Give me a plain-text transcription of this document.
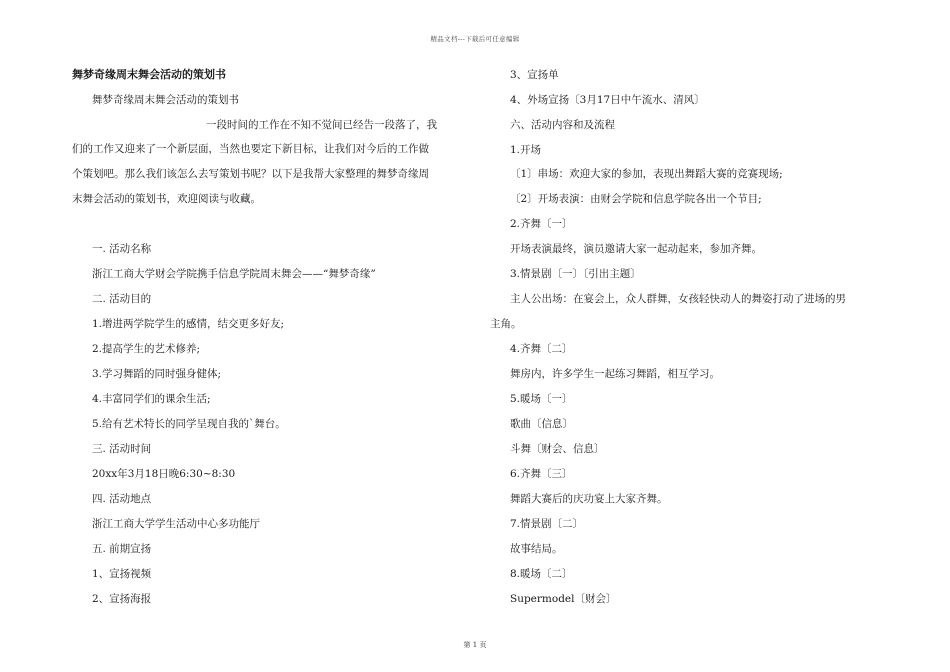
精品文档---下载后可任意编辑
舞梦奇缘周末舞会活动的策划书
舞梦奇缘周末舞会活动的策划书
一段时间的工作在不知不觉间已经告一段落了，我
们的工作又迎来了一个新层面，当然也要定下新目标，让我们对今后的工作做
个策划吧。那么我们该怎么去写策划书呢？以下是我帮大家整理的舞梦奇缘周
末舞会活动的策划书，欢迎阅读与收藏。
一. 活动名称
浙江工商大学财会学院携手信息学院周末舞会——“舞梦奇缘”
二. 活动目的
1.增进两学院学生的感情，结交更多好友;
2.提高学生的艺术修养;
3.学习舞蹈的同时强身健体;
4.丰富同学们的课余生活;
5.给有艺术特长的同学呈现自我的`舞台。
三. 活动时间
20xx年3月18日晚6:30~8:30
四. 活动地点
浙江工商大学学生活动中心多功能厅
五. 前期宣扬
1、宣扬视频
2、宣扬海报
3、宣扬单
4、外场宣扬〔3月17日中午流水、清风〕
六、活动内容和及流程
1.开场
〔1〕串场：欢迎大家的参加，表现出舞蹈大赛的竞赛现场;
〔2〕开场表演：由财会学院和信息学院各出一个节目;
2.齐舞〔一〕
开场表演最终，演员邀请大家一起动起来，参加齐舞。
3.情景剧〔一〕〔引出主题〕
主人公出场：在宴会上，众人群舞，女孩轻快动人的舞姿打动了进场的男
主角。
4.齐舞〔二〕
舞房内，许多学生一起练习舞蹈，相互学习。
5.暖场〔一〕
歌曲〔信息〕
斗舞〔财会、信息〕
6.齐舞〔三〕
舞蹈大赛后的庆功宴上大家齐舞。
7.情景剧〔二〕
故事结局。
8.暖场〔二〕
Supermodel〔财会〕
第 1 页
